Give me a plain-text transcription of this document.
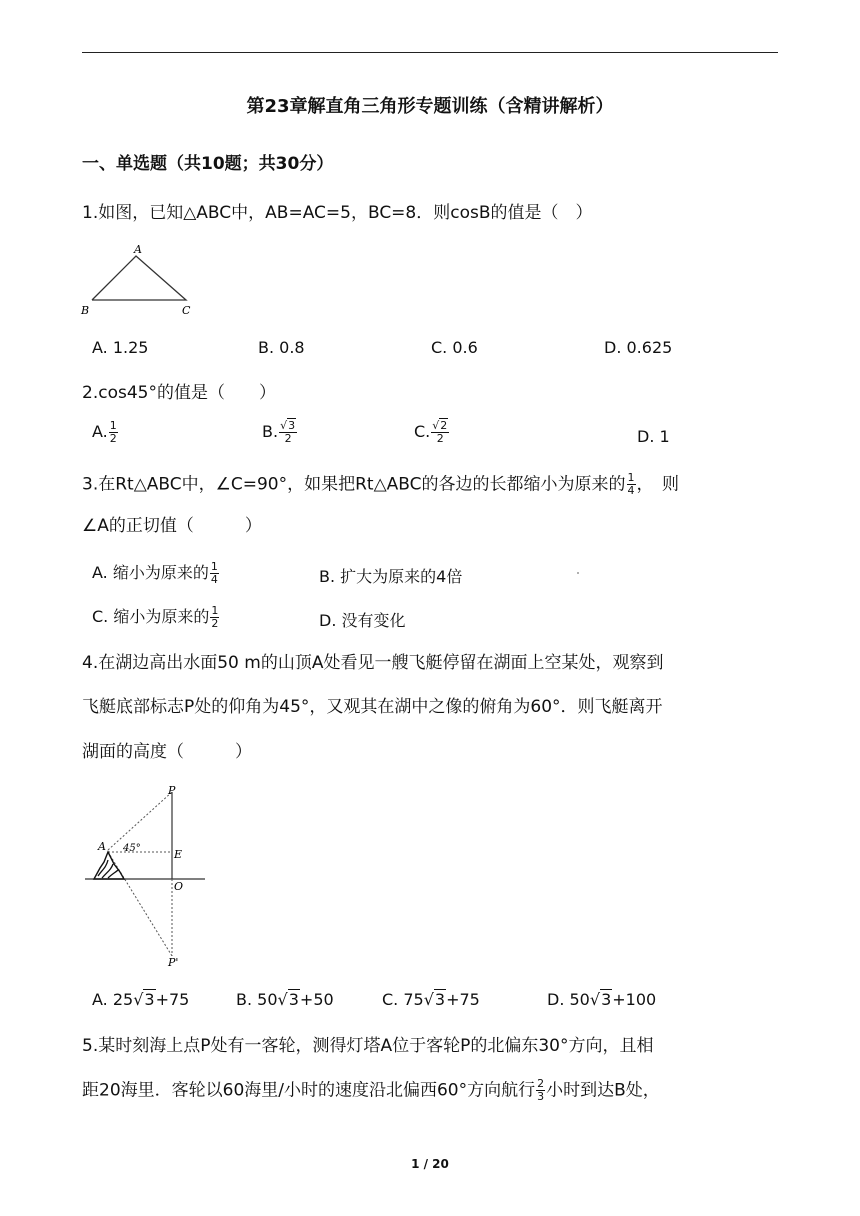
第23章解直角三角形专题训练（含精讲解析）
一、单选题（共10题；共30分）
1.如图，已知△ABC中，AB=AC=5，BC=8．则cosB的值是（　）
A
B	C
A. 1.25	B. 0.8	C. 0.6	D. 0.625
2.cos45°的值是（　　）
A. $\frac{1}{2}$	B. $\frac{√3}{2}$	C. $\frac{√2}{2}$	D. 1
3.在Rt△ABC中，∠C=90°，如果把Rt△ABC的各边的长都缩小为原来的 $\frac{1}{4}$ ，　则
∠A的正切值（　　　）
A. 缩小为原来的 $\frac{1}{4}$	B. 扩大为原来的4倍
C. 缩小为原来的 $\frac{1}{2}$	D. 没有变化
4.在湖边高出水面50 m的山顶A处看见一艘飞艇停留在湖面上空某处，观察到
飞艇底部标志P处的仰角为45°，又观其在湖中之像的俯角为60°．则飞艇离开
湖面的高度（　　　）
P
A 45°	E
O
P'
A. 25√3+75	B. 50√3+50	C. 75√3+75	D. 50√3+100
5.某时刻海上点P处有一客轮，测得灯塔A位于客轮P的北偏东30°方向，且相
距20海里．客轮以60海里/小时的速度沿北偏西60°方向航行 $\frac{2}{3}$ 小时到达B处，
1 / 20
